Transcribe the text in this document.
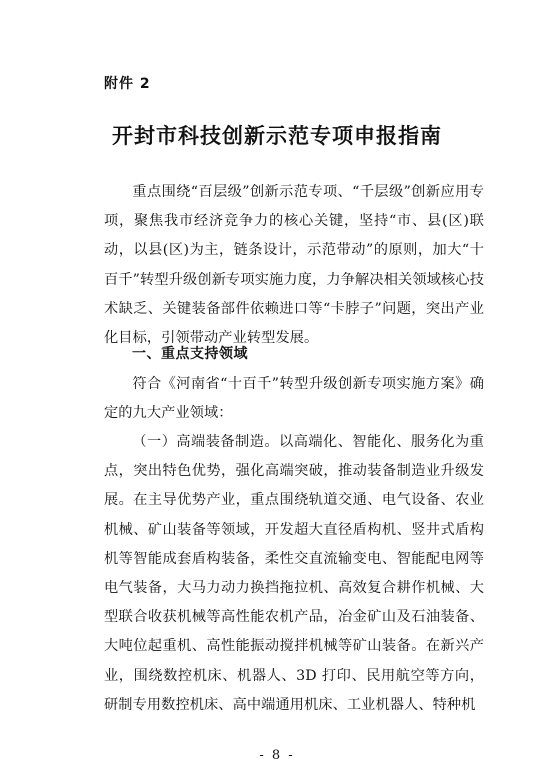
附件 2
开封市科技创新示范专项申报指南

重点围绕“百层级”创新示范专项、“千层级”创新应用专项，聚焦我市经济竞争力的核心关键，坚持“市、县(区)联动，以县(区)为主，链条设计，示范带动”的原则，加大“十百千”转型升级创新专项实施力度，力争解决相关领域核心技术缺乏、关键装备部件依赖进口等“卡脖子”问题，突出产业化目标，引领带动产业转型发展。

一、重点支持领域

符合《河南省“十百千”转型升级创新专项实施方案》确定的九大产业领域：

（一）高端装备制造。以高端化、智能化、服务化为重点，突出特色优势，强化高端突破，推动装备制造业升级发展。在主导优势产业，重点围绕轨道交通、电气设备、农业机械、矿山装备等领域，开发超大直径盾构机、竖井式盾构机等智能成套盾构装备，柔性交直流输变电、智能配电网等电气装备，大马力动力换挡拖拉机、高效复合耕作机械、大型联合收获机械等高性能农机产品，冶金矿山及石油装备、大吨位起重机、高性能振动搅拌机械等矿山装备。在新兴产业，围绕数控机床、机器人、3D 打印、民用航空等方向，研制专用数控机床、高中端通用机床、工业机器人、特种机

- 8 -
